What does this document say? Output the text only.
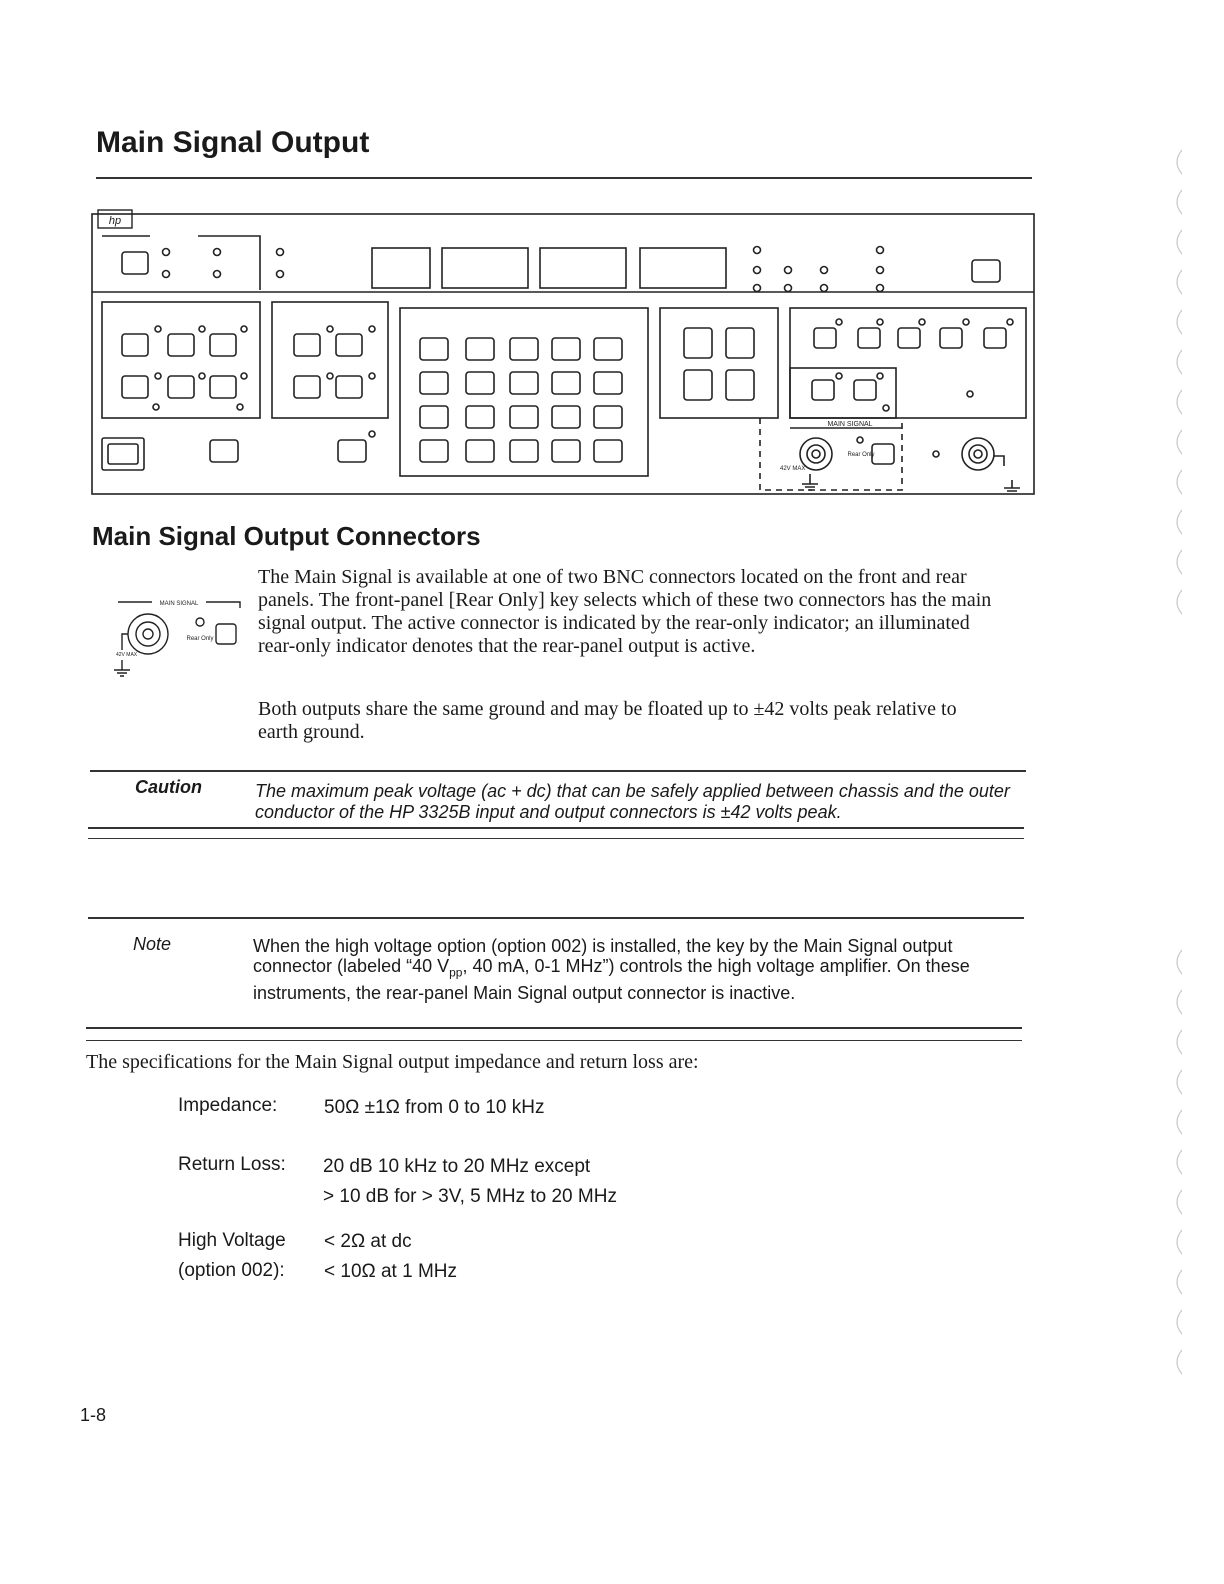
Main Signal Output
hp
MAIN SIGNAL
Rear Only
42V MAX
Main Signal Output Connectors
MAIN SIGNAL
Rear Only
42V MAX

The Main Signal is available at one of two BNC connectors located on the front and rear panels. The front-panel [Rear Only] key selects which of these two connectors has the main signal output. The active connector is indicated by the rear-only indicator; an illuminated rear-only indicator denotes that the rear-panel output is active.

Both outputs share the same ground and may be floated up to ±42 volts peak relative to earth ground.

Caution	The maximum peak voltage (ac + dc) that can be safely applied between chassis and the outer conductor of the HP 3325B input and output connectors is ±42 volts peak.
Note	When the high voltage option (option 002) is installed, the key by the Main Signal output connector (labeled “40 $V_{pp}$, 40 mA, 0-1 MHz”) controls the high voltage amplifier. On these instruments, the rear-panel Main Signal output connector is inactive.

The specifications for the Main Signal output impedance and return loss are:

Impedance: 50Ω ±1Ω from 0 to 10 kHz
Return Loss: 20 dB 10 kHz to 20 MHz except
> 10 dB for > 3V, 5 MHz to 20 MHz
High Voltage
(option 002):
< 2Ω at dc
< 10Ω at 1 MHz
1-8
